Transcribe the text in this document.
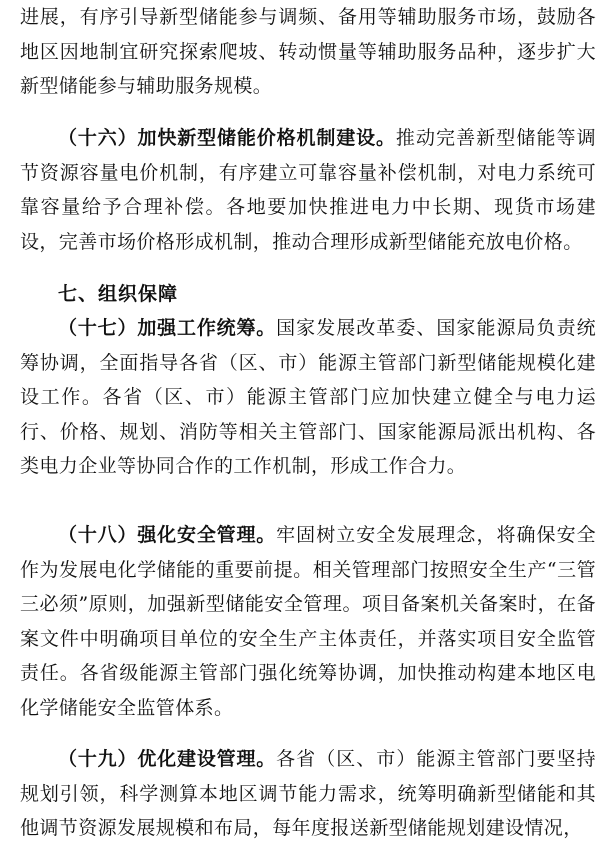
进展，有序引导新型储能参与调频、备用等辅助服务市场，鼓励各地区因地制宜研究探索爬坡、转动惯量等辅助服务品种，逐步扩大新型储能参与辅助服务规模。

（十六）加快新型储能价格机制建设。推动完善新型储能等调节资源容量电价机制，有序建立可靠容量补偿机制，对电力系统可靠容量给予合理补偿。各地要加快推进电力中长期、现货市场建设，完善市场价格形成机制，推动合理形成新型储能充放电价格。

七、组织保障

（十七）加强工作统筹。国家发展改革委、国家能源局负责统筹协调，全面指导各省（区、市）能源主管部门新型储能规模化建设工作。各省（区、市）能源主管部门应加快建立健全与电力运行、价格、规划、消防等相关主管部门、国家能源局派出机构、各类电力企业等协同合作的工作机制，形成工作合力。

（十八）强化安全管理。牢固树立安全发展理念，将确保安全作为发展电化学储能的重要前提。相关管理部门按照安全生产“三管三必须”原则，加强新型储能安全管理。项目备案机关备案时，在备案文件中明确项目单位的安全生产主体责任，并落实项目安全监管责任。各省级能源主管部门强化统筹协调，加快推动构建本地区电化学储能安全监管体系。

（十九）优化建设管理。各省（区、市）能源主管部门要坚持规划引领，科学测算本地区调节能力需求，统筹明确新型储能和其他调节资源发展规模和布局，每年度报送新型储能规划建设情况，
